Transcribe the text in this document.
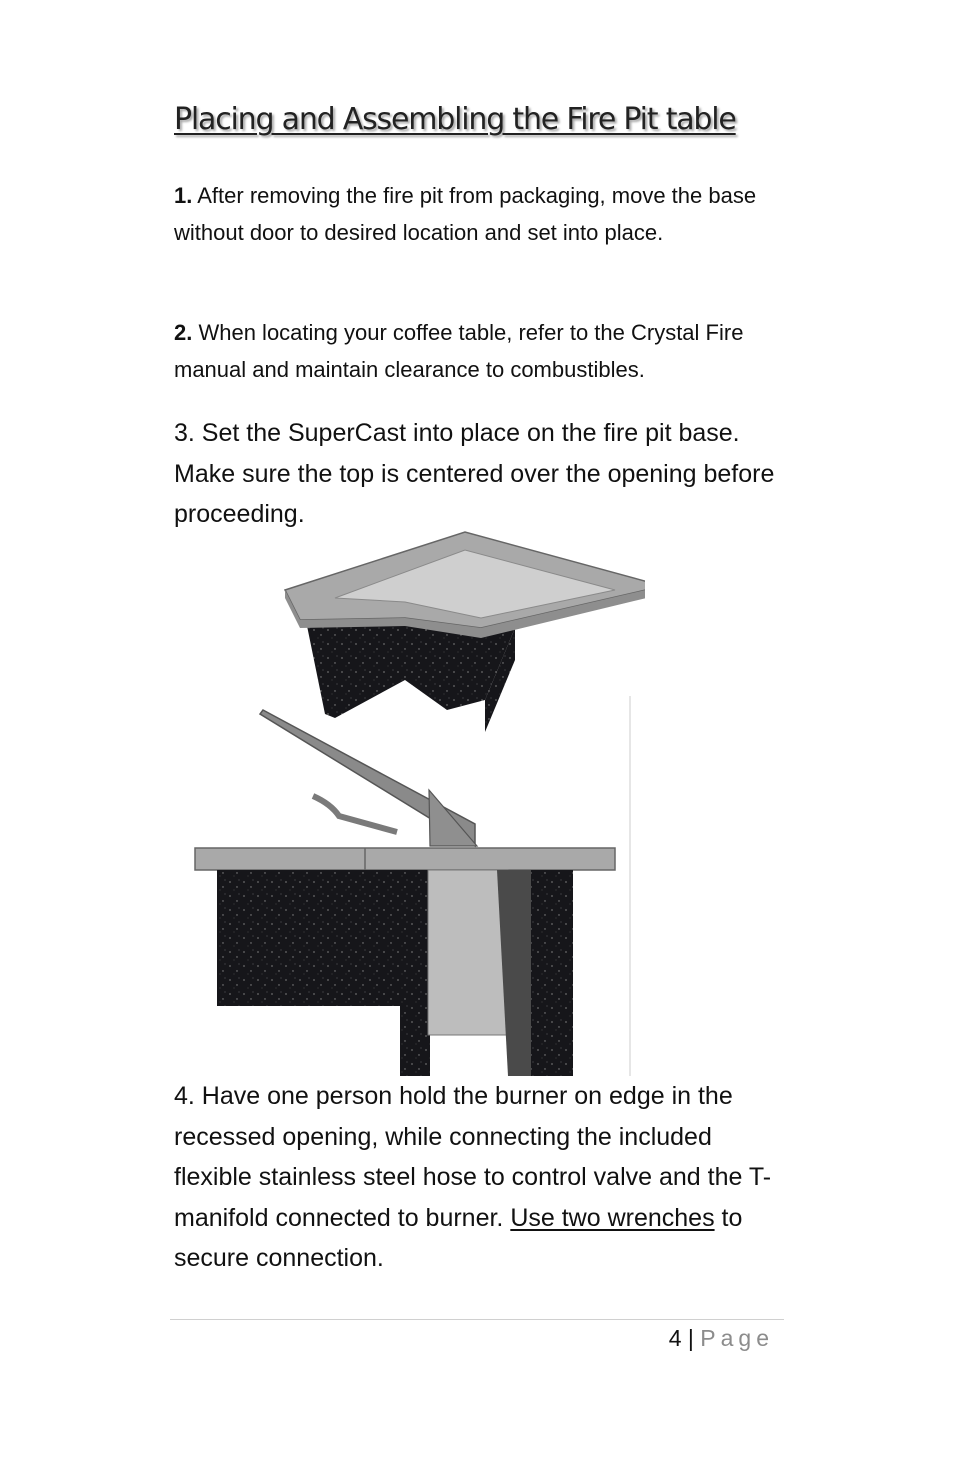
Placing and Assembling the Fire Pit table

1. After removing the fire pit from packaging, move the base without door to desired location and set into place.

2. When locating your coffee table, refer to the Crystal Fire manual and maintain clearance to combustibles.

3. Set the SuperCast into place on the fire pit base. Make sure the top is centered over the opening before proceeding.

4. Have one person hold the burner on edge in the recessed opening, while connecting the included flexible stainless steel hose to control valve and the T-manifold connected to burner. Use two wrenches to secure connection.

4 | Page
